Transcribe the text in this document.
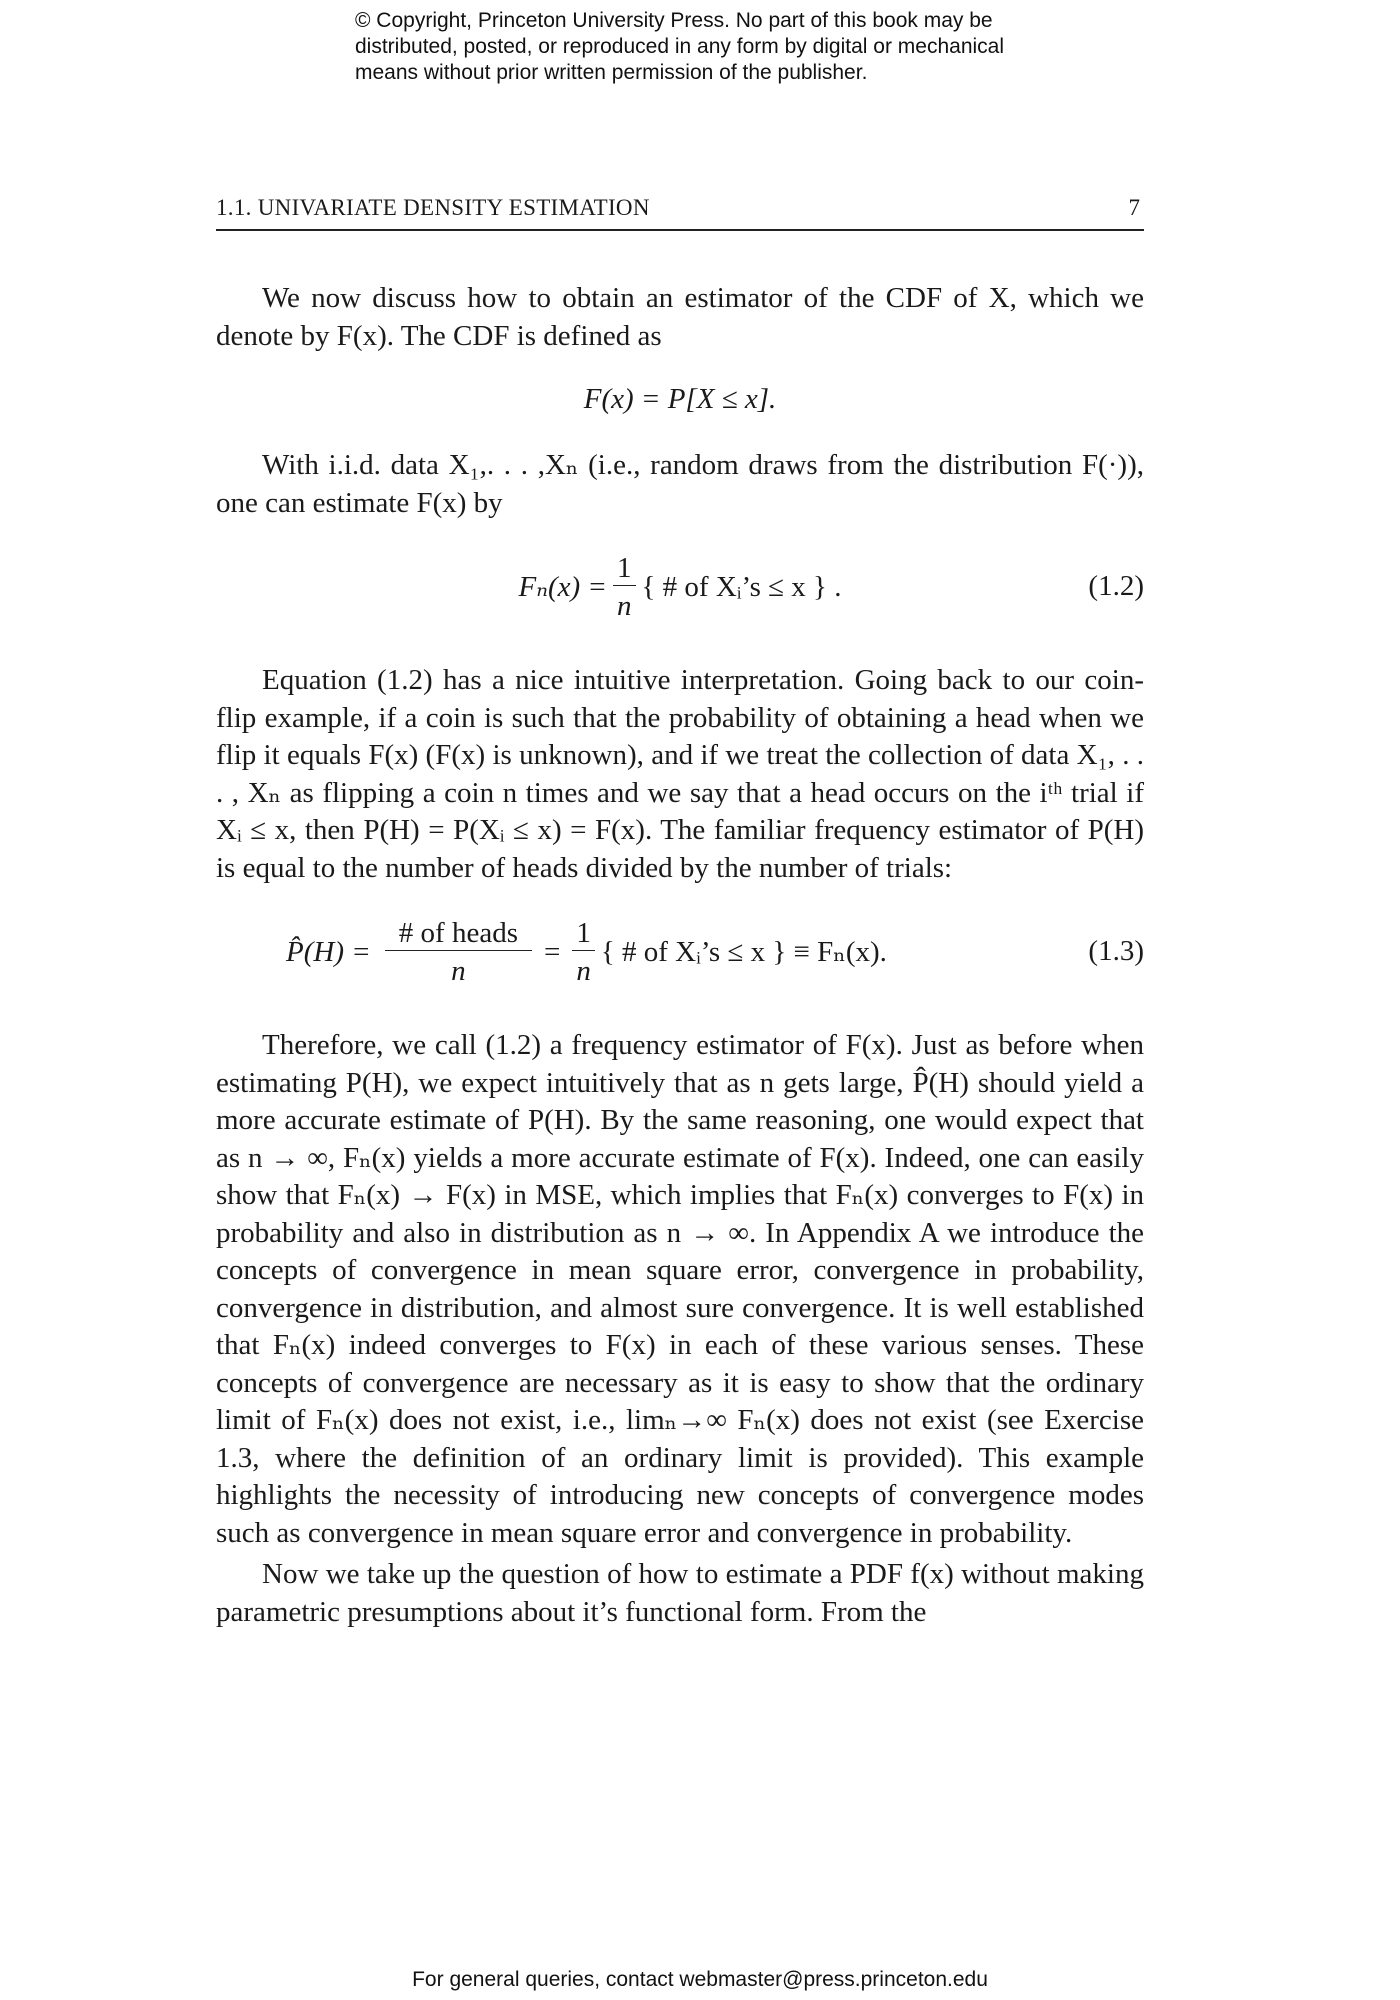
© Copyright, Princeton University Press. No part of this book may be
distributed, posted, or reproduced in any form by digital or mechanical
means without prior written permission of the publisher.
1.1. UNIVARIATE DENSITY ESTIMATION	7

We now discuss how to obtain an estimator of the CDF of X, which we denote by F(x). The CDF is defined as

F(x) = P[X ≤ x].

With i.i.d. data X₁,. . . ,Xₙ (i.e., random draws from the distribution F(·)), one can estimate F(x) by

$F_n(x) = \frac{1}{n}$ { # of Xᵢ’s ≤ x } .	(1.2)

Equation (1.2) has a nice intuitive interpretation. Going back to our coin-flip example, if a coin is such that the probability of obtaining a head when we flip it equals F(x) (F(x) is unknown), and if we treat the collection of data X₁, . . . , Xₙ as flipping a coin n times and we say that a head occurs on the iᵗʰ trial if Xᵢ ≤ x, then P(H) = P(Xᵢ ≤ x) = F(x). The familiar frequency estimator of P(H) is equal to the number of heads divided by the number of trials:

P̂(H) = $\frac{\text{\# of heads}}{n} = \frac{1}{n}$ { # of Xᵢ’s ≤ x } ≡ Fₙ(x).	(1.3)

Therefore, we call (1.2) a frequency estimator of F(x). Just as before when estimating P(H), we expect intuitively that as n gets large, P̂(H) should yield a more accurate estimate of P(H). By the same reasoning, one would expect that as n → ∞, Fₙ(x) yields a more accurate estimate of F(x). Indeed, one can easily show that Fₙ(x) → F(x) in MSE, which implies that Fₙ(x) converges to F(x) in probability and also in distribution as n → ∞. In Appendix A we introduce the concepts of convergence in mean square error, convergence in probability, convergence in distribution, and almost sure convergence. It is well established that Fₙ(x) indeed converges to F(x) in each of these various senses. These concepts of convergence are necessary as it is easy to show that the ordinary limit of Fₙ(x) does not exist, i.e., limₙ→∞ Fₙ(x) does not exist (see Exercise 1.3, where the definition of an ordinary limit is provided). This example highlights the necessity of introducing new concepts of convergence modes such as convergence in mean square error and convergence in probability.

Now we take up the question of how to estimate a PDF f(x) without making parametric presumptions about it’s functional form. From the

For general queries, contact webmaster@press.princeton.edu
